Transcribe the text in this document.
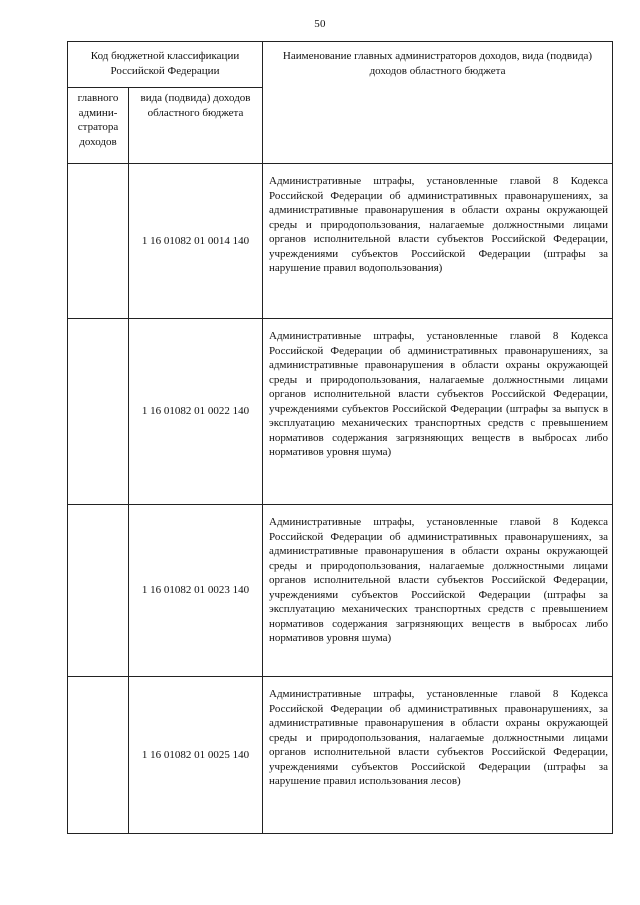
50
Код бюджетной классификации Российской Федерации		Наименование главных администраторов доходов, вида (подвида) доходов областного бюджета
главного админи-стратора доходов	вида (подвида) доходов областного бюджета	
	1 16 01082 01 0014 140	Административные штрафы, установленные главой 8 Кодекса Российской Федерации об административных правонарушениях, за административные правонарушения в области охраны окружающей среды и природопользования, налагаемые должностными лицами органов исполнительной власти субъектов Российской Федерации, учреждениями субъектов Российской Федерации (штрафы за нарушение правил водопользования)
	1 16 01082 01 0022 140	Административные штрафы, установленные главой 8 Кодекса Российской Федерации об административных правонарушениях, за административные правонарушения в области охраны окружающей среды и природопользования, налагаемые должностными лицами органов исполнительной власти субъектов Российской Федерации, учреждениями субъектов Российской Федерации (штрафы за выпуск в эксплуатацию механических транспортных средств с превышением нормативов содержания загрязняющих веществ в выбросах либо нормативов уровня шума)
	1 16 01082 01 0023 140	Административные штрафы, установленные главой 8 Кодекса Российской Федерации об административных правонарушениях, за административные правонарушения в области охраны окружающей среды и природопользования, налагаемые должностными лицами органов исполнительной власти субъектов Российской Федерации, учреждениями субъектов Российской Федерации (штрафы за эксплуатацию механических транспортных средств с превышением нормативов содержания загрязняющих веществ в выбросах либо нормативов уровня шума)
	1 16 01082 01 0025 140	Административные штрафы, установленные главой 8 Кодекса Российской Федерации об административных правонарушениях, за административные правонарушения в области охраны окружающей среды и природопользования, налагаемые должностными лицами органов исполнительной власти субъектов Российской Федерации, учреждениями субъектов Российской Федерации (штрафы за нарушение правил использования лесов)
